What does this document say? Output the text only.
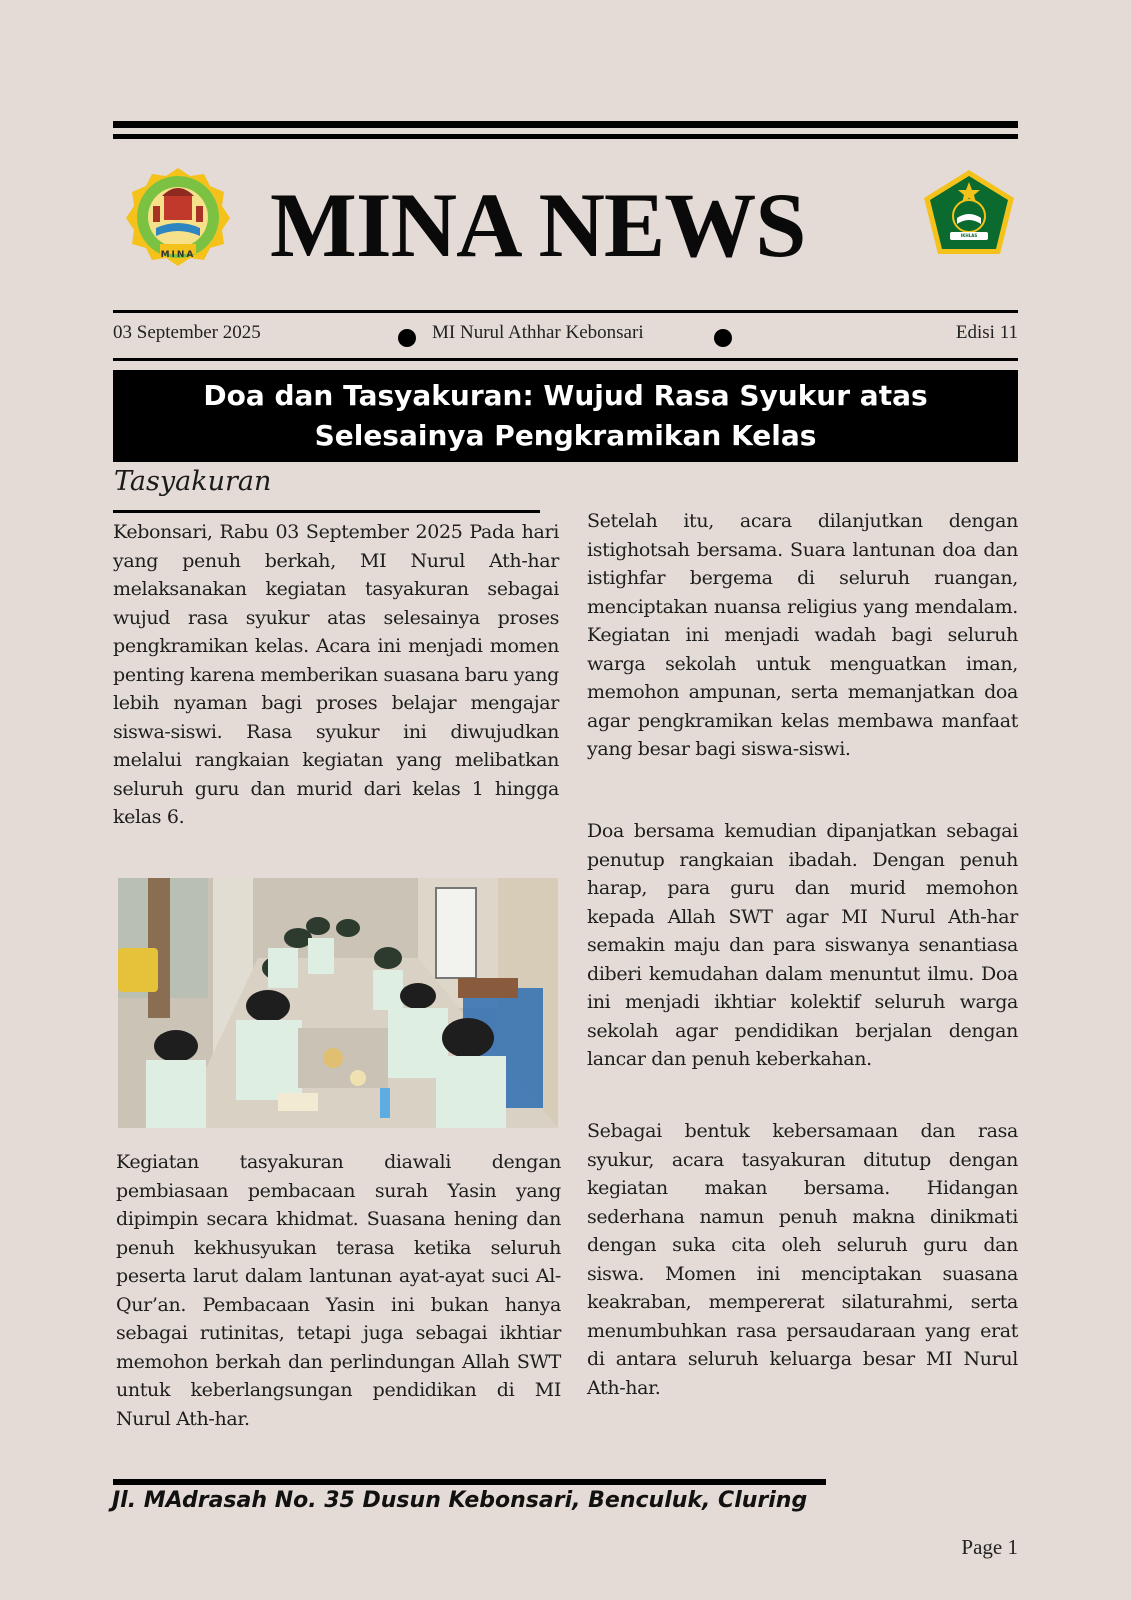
MINA MINA NEWS	IKHLAS BERAMAL
03 September 2025	MI Nurul Athhar Kebonsari	Edisi 11
Doa dan Tasyakuran: Wujud Rasa Syukur atas
Selesainya Pengkramikan Kelas
Tasyakuran

Kebonsari, Rabu 03 September 2025 Pada hari yang penuh berkah, MI Nurul Ath-har melaksanakan kegiatan tasyakuran sebagai wujud rasa syukur atas selesainya proses pengkramikan kelas. Acara ini menjadi momen penting karena memberikan suasana baru yang lebih nyaman bagi proses belajar mengajar siswa-siswi. Rasa syukur ini diwujudkan melalui rangkaian kegiatan yang melibatkan seluruh guru dan murid dari kelas 1 hingga kelas 6.

Kegiatan tasyakuran diawali dengan pembiasaan pembacaan surah Yasin yang dipimpin secara khidmat. Suasana hening dan penuh kekhusyukan terasa ketika seluruh peserta larut dalam lantunan ayat-ayat suci Al-Qur’an. Pembacaan Yasin ini bukan hanya sebagai rutinitas, tetapi juga sebagai ikhtiar memohon berkah dan perlindungan Allah SWT untuk keberlangsungan pendidikan di MI Nurul Ath-har.

Setelah itu, acara dilanjutkan dengan istighotsah bersama. Suara lantunan doa dan istighfar bergema di seluruh ruangan, menciptakan nuansa religius yang mendalam. Kegiatan ini menjadi wadah bagi seluruh warga sekolah untuk menguatkan iman, memohon ampunan, serta memanjatkan doa agar pengkramikan kelas membawa manfaat yang besar bagi siswa-siswi.

Doa bersama kemudian dipanjatkan sebagai penutup rangkaian ibadah. Dengan penuh harap, para guru dan murid memohon kepada Allah SWT agar MI Nurul Ath-har semakin maju dan para siswanya senantiasa diberi kemudahan dalam menuntut ilmu. Doa ini menjadi ikhtiar kolektif seluruh warga sekolah agar pendidikan berjalan dengan lancar dan penuh keberkahan.

Sebagai bentuk kebersamaan dan rasa syukur, acara tasyakuran ditutup dengan kegiatan makan bersama. Hidangan sederhana namun penuh makna dinikmati dengan suka cita oleh seluruh guru dan siswa. Momen ini menciptakan suasana keakraban, mempererat silaturahmi, serta menumbuhkan rasa persaudaraan yang erat di antara seluruh keluarga besar MI Nurul Ath-har.

Jl. MAdrasah No. 35 Dusun Kebonsari, Benculuk, Cluring
Page 1
